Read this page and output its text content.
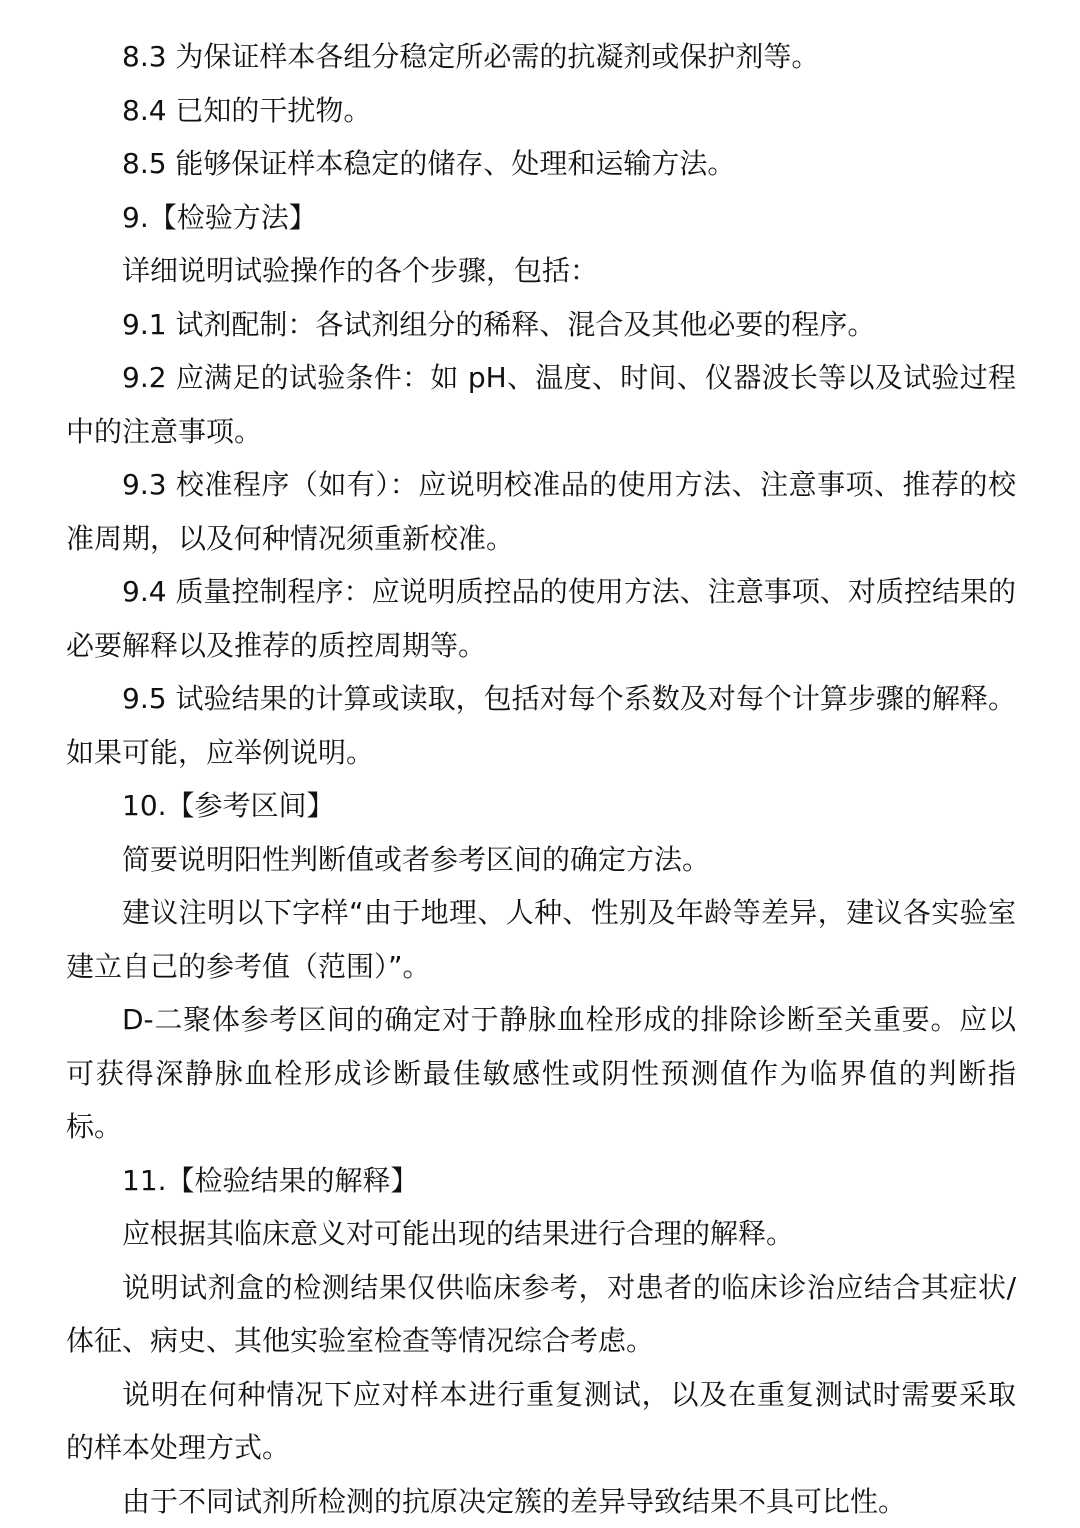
8.3 为保证样本各组分稳定所必需的抗凝剂或保护剂等。

8.4 已知的干扰物。

8.5 能够保证样本稳定的储存、处理和运输方法。

9.【检验方法】

详细说明试验操作的各个步骤，包括：

9.1 试剂配制：各试剂组分的稀释、混合及其他必要的程序。

9.2 应满足的试验条件：如 pH、温度、时间、仪器波长等以及试验过程中的注意事项。

9.3 校准程序（如有）：应说明校准品的使用方法、注意事项、推荐的校准周期，以及何种情况须重新校准。

9.4 质量控制程序：应说明质控品的使用方法、注意事项、对质控结果的必要解释以及推荐的质控周期等。

9.5 试验结果的计算或读取，包括对每个系数及对每个计算步骤的解释。如果可能，应举例说明。

10.【参考区间】

简要说明阳性判断值或者参考区间的确定方法。

建议注明以下字样“由于地理、人种、性别及年龄等差异，建议各实验室建立自己的参考值（范围）”。

D-二聚体参考区间的确定对于静脉血栓形成的排除诊断至关重要。应以可获得深静脉血栓形成诊断最佳敏感性或阴性预测值作为临界值的判断指标。

11.【检验结果的解释】

应根据其临床意义对可能出现的结果进行合理的解释。

说明试剂盒的检测结果仅供临床参考，对患者的临床诊治应结合其症状/体征、病史、其他实验室检查等情况综合考虑。

说明在何种情况下应对样本进行重复测试，以及在重复测试时需要采取的样本处理方式。

由于不同试剂所检测的抗原决定簇的差异导致结果不具可比性。
